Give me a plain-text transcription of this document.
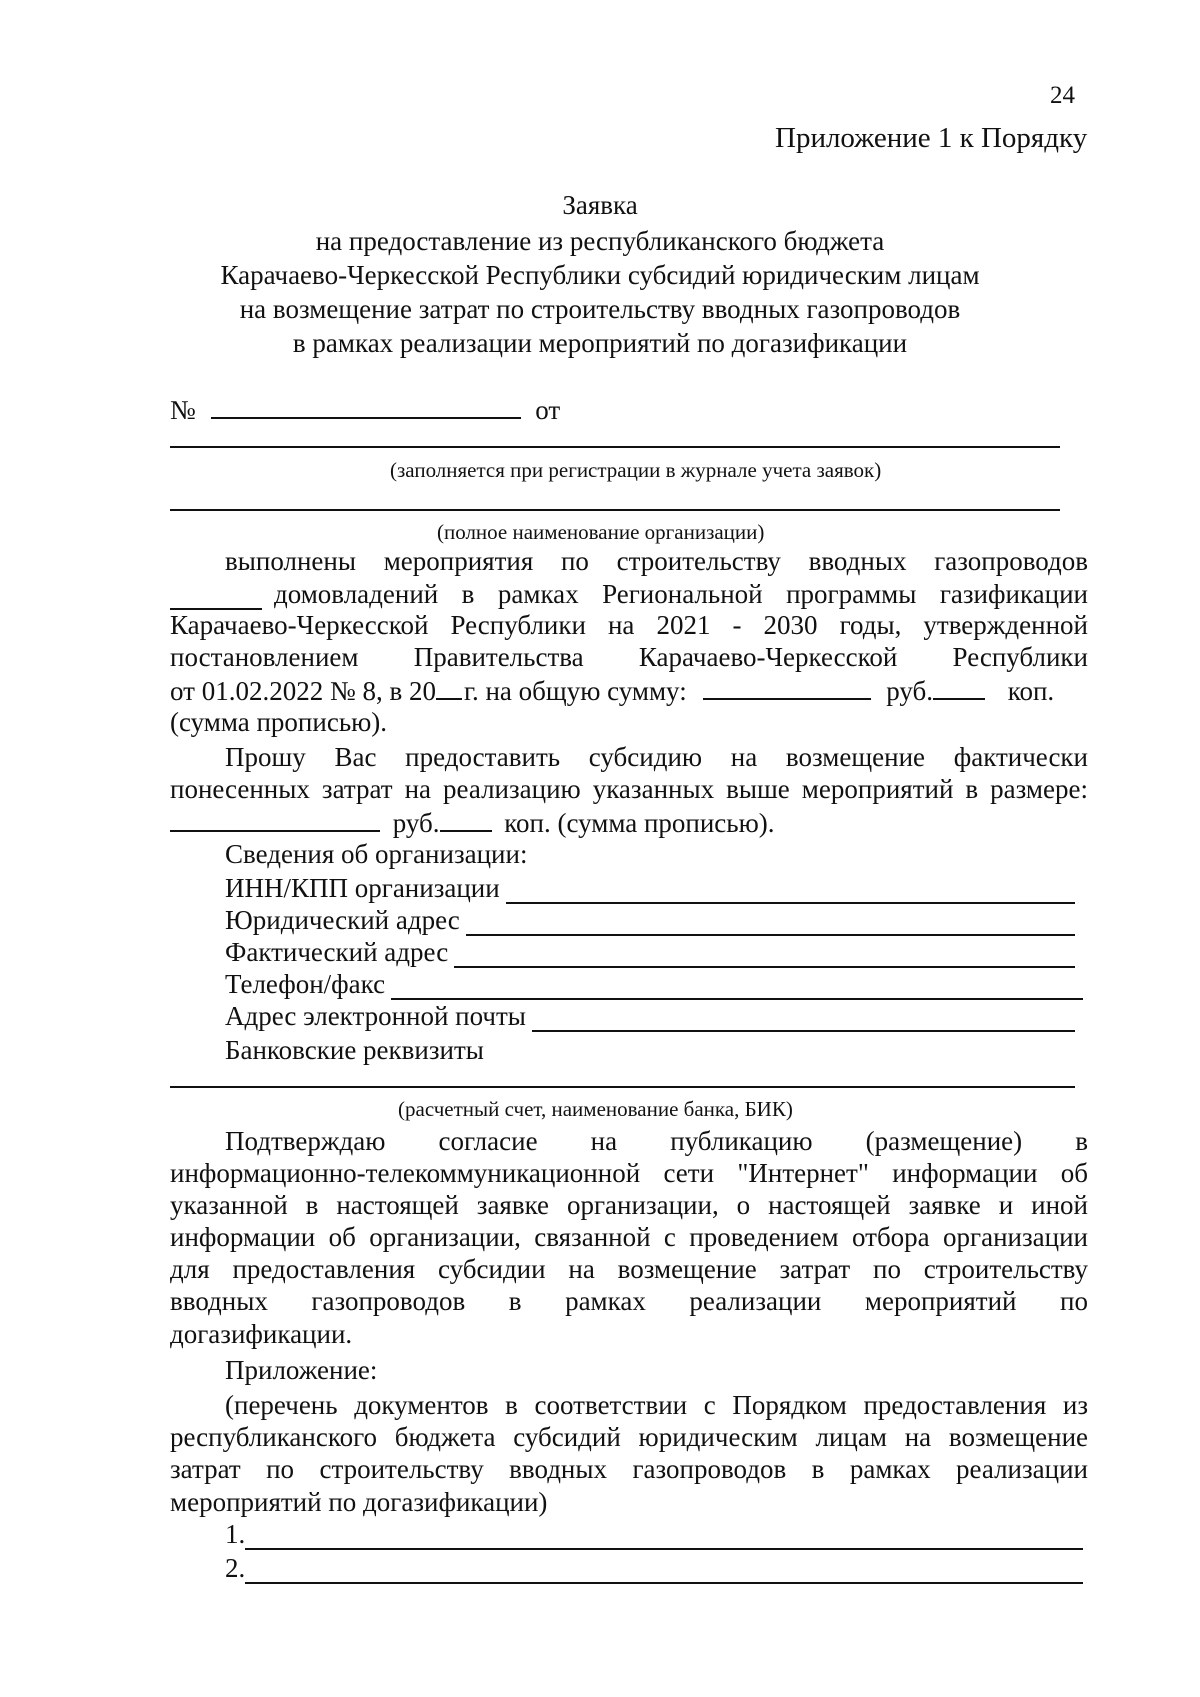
24
Приложение 1 к Порядку
Заявка
на предоставление из республиканского бюджета
Карачаево-Черкесской Республики субсидий юридическим лицам
на возмещение затрат по строительству вводных газопроводов
в рамках реализации мероприятий по догазификации
№	от
(заполняется при регистрации в журнале учета заявок)
(полное наименование организации)
выполнены мероприятия по строительству вводных газопроводов
домовладений в рамках Региональной программы газификации
Карачаево-Черкесской Республики на 2021 - 2030 годы, утвержденной
постановлением Правительства Карачаево-Черкесской Республики
от 01.02.2022 № 8, в 20 г. на общую сумму:	руб.	коп.
(сумма прописью).
Прошу Вас предоставить субсидию на возмещение фактически
понесенных затрат на реализацию указанных выше мероприятий в размере:
руб. коп. (сумма прописью).
Сведения об организации:
ИНН/КПП организации
Юридический адрес
Фактический адрес
Телефон/факс
Адрес электронной почты
Банковские реквизиты
(расчетный счет, наименование банка, БИК)
Подтверждаю согласие на публикацию (размещение) в
информационно-телекоммуникационной сети "Интернет" информации об
указанной в настоящей заявке организации, о настоящей заявке и иной
информации об организации, связанной с проведением отбора организации
для предоставления субсидии на возмещение затрат по строительству
вводных газопроводов в рамках реализации мероприятий по
догазификации.
Приложение:
(перечень документов в соответствии с Порядком предоставления из
республиканского бюджета субсидий юридическим лицам на возмещение
затрат по строительству вводных газопроводов в рамках реализации
мероприятий по догазификации)
1.
2.
